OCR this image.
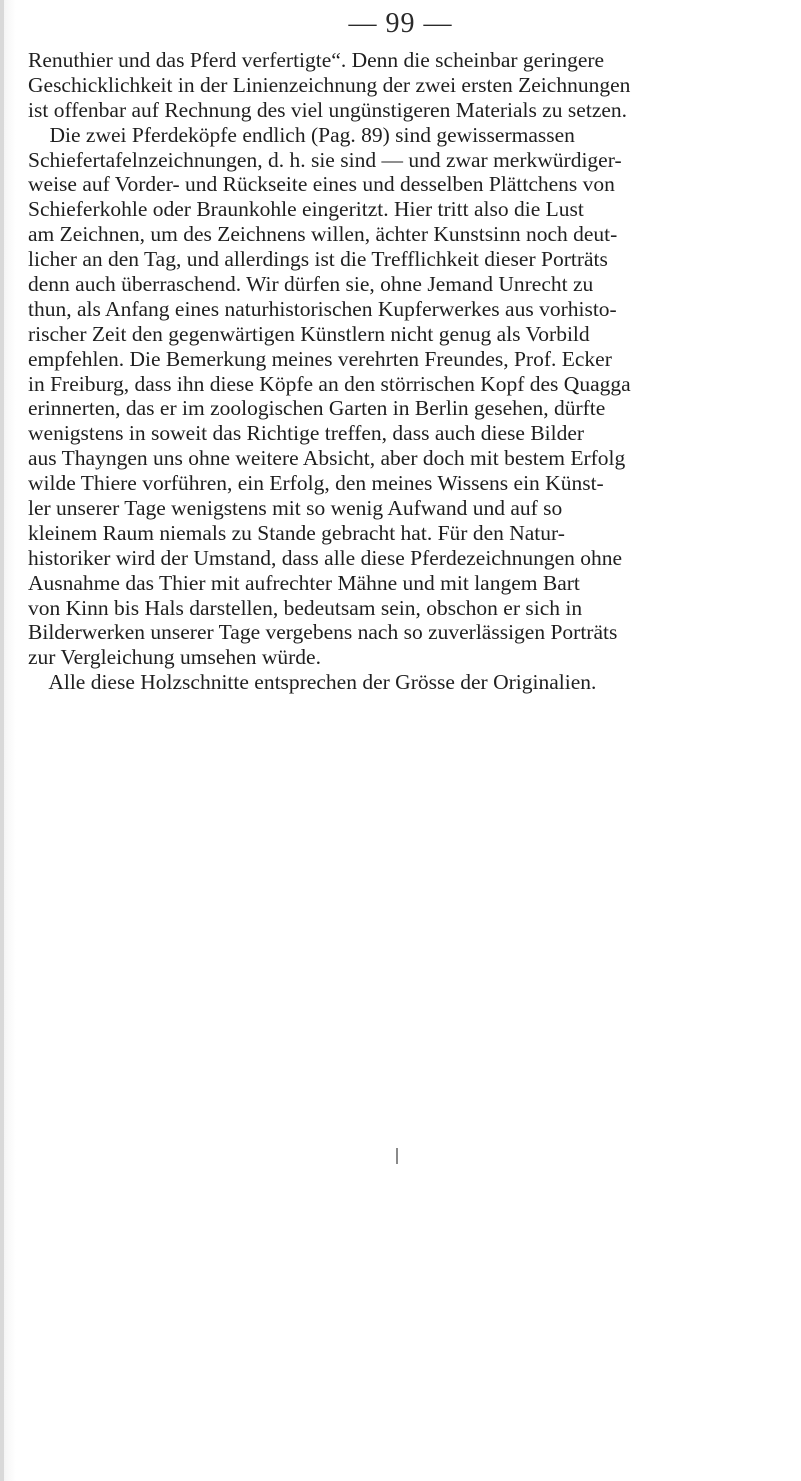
— 99 —
Renuthier und das Pferd verfertigte“. Denn die scheinbar geringere
Geschicklichkeit in der Linienzeichnung der zwei ersten Zeichnungen
ist offenbar auf Rechnung des viel ungünstigeren Materials zu setzen.
Die zwei Pferdeköpfe endlich (Pag. 89) sind gewissermassen
Schiefertafelnzeichnungen, d. h. sie sind — und zwar merkwürdiger-
weise auf Vorder- und Rückseite eines und desselben Plättchens von
Schieferkohle oder Braunkohle eingeritzt. Hier tritt also die Lust
am Zeichnen, um des Zeichnens willen, ächter Kunstsinn noch deut-
licher an den Tag, und allerdings ist die Trefflichkeit dieser Porträts
denn auch überraschend. Wir dürfen sie, ohne Jemand Unrecht zu
thun, als Anfang eines naturhistorischen Kupferwerkes aus vorhisto-
rischer Zeit den gegenwärtigen Künstlern nicht genug als Vorbild
empfehlen. Die Bemerkung meines verehrten Freundes, Prof. Ecker
in Freiburg, dass ihn diese Köpfe an den störrischen Kopf des Quagga
erinnerten, das er im zoologischen Garten in Berlin gesehen, dürfte
wenigstens in soweit das Richtige treffen, dass auch diese Bilder
aus Thayngen uns ohne weitere Absicht, aber doch mit bestem Erfolg
wilde Thiere vorführen, ein Erfolg, den meines Wissens ein Künst-
ler unserer Tage wenigstens mit so wenig Aufwand und auf so
kleinem Raum niemals zu Stande gebracht hat. Für den Natur-
historiker wird der Umstand, dass alle diese Pferdezeichnungen ohne
Ausnahme das Thier mit aufrechter Mähne und mit langem Bart
von Kinn bis Hals darstellen, bedeutsam sein, obschon er sich in
Bilderwerken unserer Tage vergebens nach so zuverlässigen Porträts
zur Vergleichung umsehen würde.
Alle diese Holzschnitte entsprechen der Grösse der Originalien.
